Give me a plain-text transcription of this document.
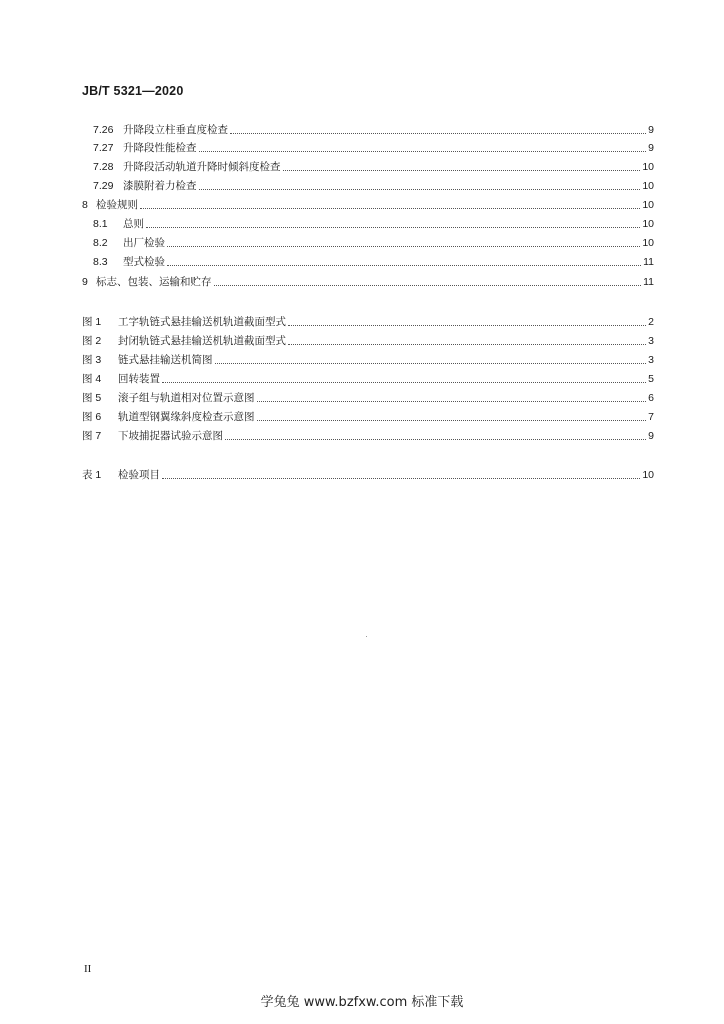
JB/T 5321—2020
7.26 升降段立柱垂直度检查	9
7.27 升降段性能检查	9
7.28 升降段活动轨道升降时倾斜度检查	10
7.29 漆膜附着力检查	10
8 检验规则	10
8.1	总则	10
8.2	出厂检验	10
8.3	型式检验	11
9 标志、包装、运输和贮存	11
图 1	工字轨链式悬挂输送机轨道截面型式	2
图 2	封闭轨链式悬挂输送机轨道截面型式	3
图 3	链式悬挂输送机简图	3
图 4	回转装置	5
图 5	滚子组与轨道相对位置示意图	6
图 6	轨道型钢翼缘斜度检查示意图	7
图 7	下坡捕捉器试验示意图	9
表 1	检验项目	10
II
学兔兔 www.bzfxw.com 标准下载
